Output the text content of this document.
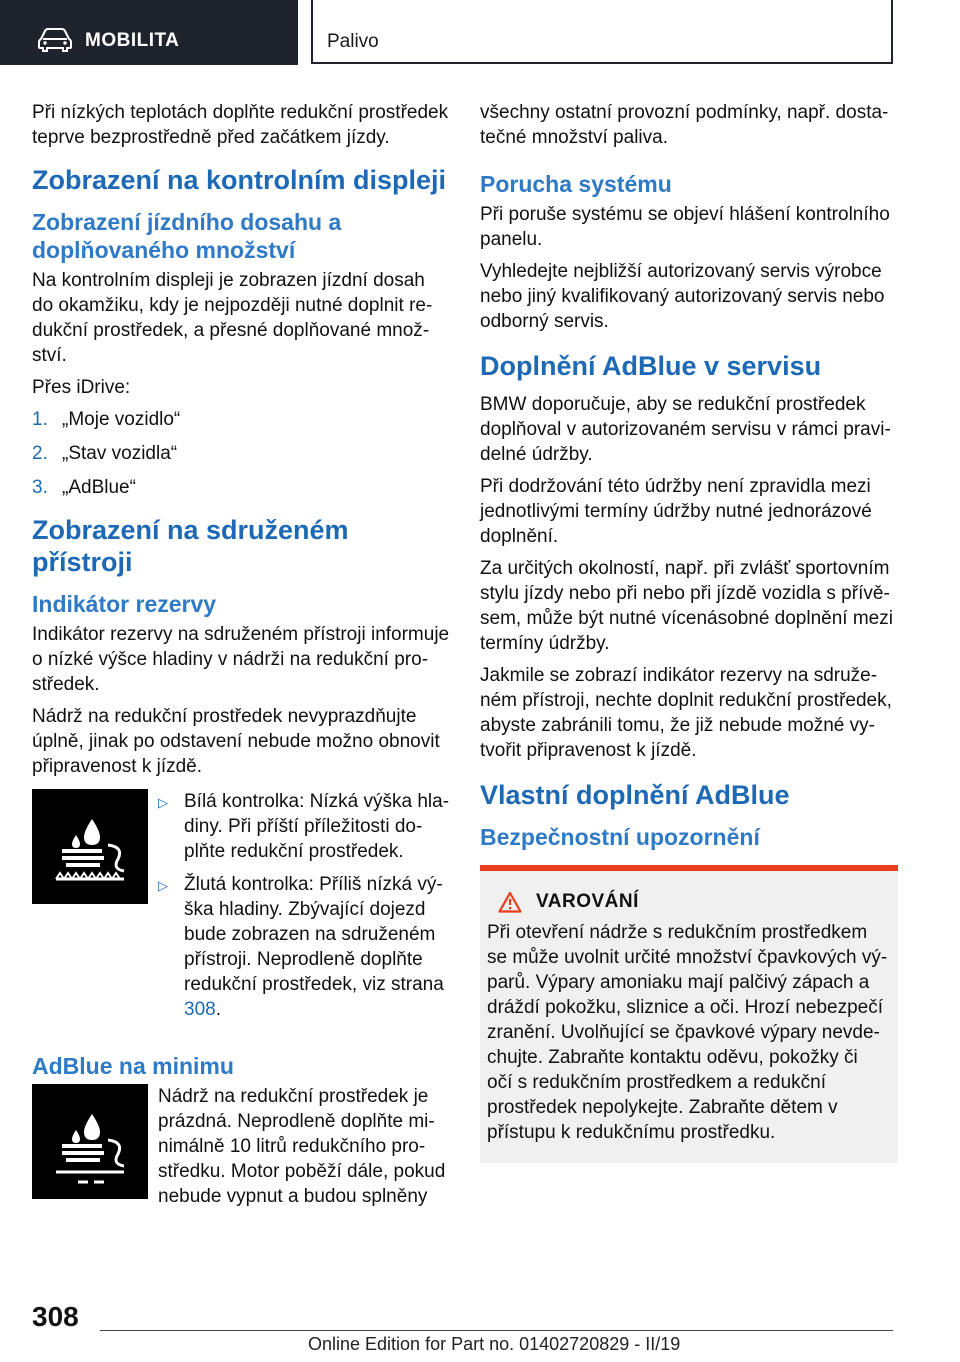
MOBILITA	Palivo

Při nízkých teplotách doplňte redukční prostředek teprve bezprostředně před začátkem jízdy.

Zobrazení na kontrolním displeji
Zobrazení jízdního dosahu a doplňovaného množství

Na kontrolním displeji je zobrazen jízdní dosah do okamžiku, kdy je nejpozději nutné doplnit redukční prostředek, a přesné doplňované množství.

Přes iDrive:

1. „Moje vozidlo“
2. „Stav vozidla“
3. „AdBlue“
Zobrazení na sdruženém přístroji
Indikátor rezervy

Indikátor rezervy na sdruženém přístroji informuje o nízké výšce hladiny v nádrži na redukční prostředek.

Nádrž na redukční prostředek nevyprazdňujte úplně, jinak po odstavení nebude možno obnovit připravenost k jízdě.

▷ Bílá kontrolka: Nízká výška hladiny. Při příští příležitosti doplňte redukční prostředek.
▷ Žlutá kontrolka: Příliš nízká výška hladiny. Zbývající dojezd bude zobrazen na sdruženém přístroji. Neprodleně doplňte redukční prostředek, viz strana 308.
AdBlue na minimu
Nádrž na redukční prostředek je prázdná. Neprodleně doplňte minimálně 10 litrů redukčního prostředku. Motor poběží dále, pokud nebude vypnut a budou splněny

všechny ostatní provozní podmínky, např. dostatečné množství paliva.

Porucha systému

Při poruše systému se objeví hlášení kontrolního panelu.

Vyhledejte nejbližší autorizovaný servis výrobce nebo jiný kvalifikovaný autorizovaný servis nebo odborný servis.

Doplnění AdBlue v servisu

BMW doporučuje, aby se redukční prostředek doplňoval v autorizovaném servisu v rámci pravidelné údržby.

Při dodržování této údržby není zpravidla mezi jednotlivými termíny údržby nutné jednorázové doplnění.

Za určitých okolností, např. při zvlášť sportovním stylu jízdy nebo při nebo při jízdě vozidla s přívěsem, může být nutné vícenásobné doplnění mezi termíny údržby.

Jakmile se zobrazí indikátor rezervy na sdruženém přístroji, nechte doplnit redukční prostředek, abyste zabránili tomu, že již nebude možné vytvořit připravenost k jízdě.

Vlastní doplnění AdBlue
Bezpečnostní upozornění
VAROVÁNÍ
Při otevření nádrže s redukčním prostředkem se může uvolnit určité množství čpavkových výparů. Výpary amoniaku mají palčivý zápach a dráždí pokožku, sliznice a oči. Hrozí nebezpečí zranění. Uvolňující se čpavkové výpary nevdechujte. Zabraňte kontaktu oděvu, pokožky či očí s redukčním prostředkem a redukční prostředek nepolykejte. Zabraňte dětem v přístupu k redukčnímu prostředku.
308
Online Edition for Part no. 01402720829 - II/19
